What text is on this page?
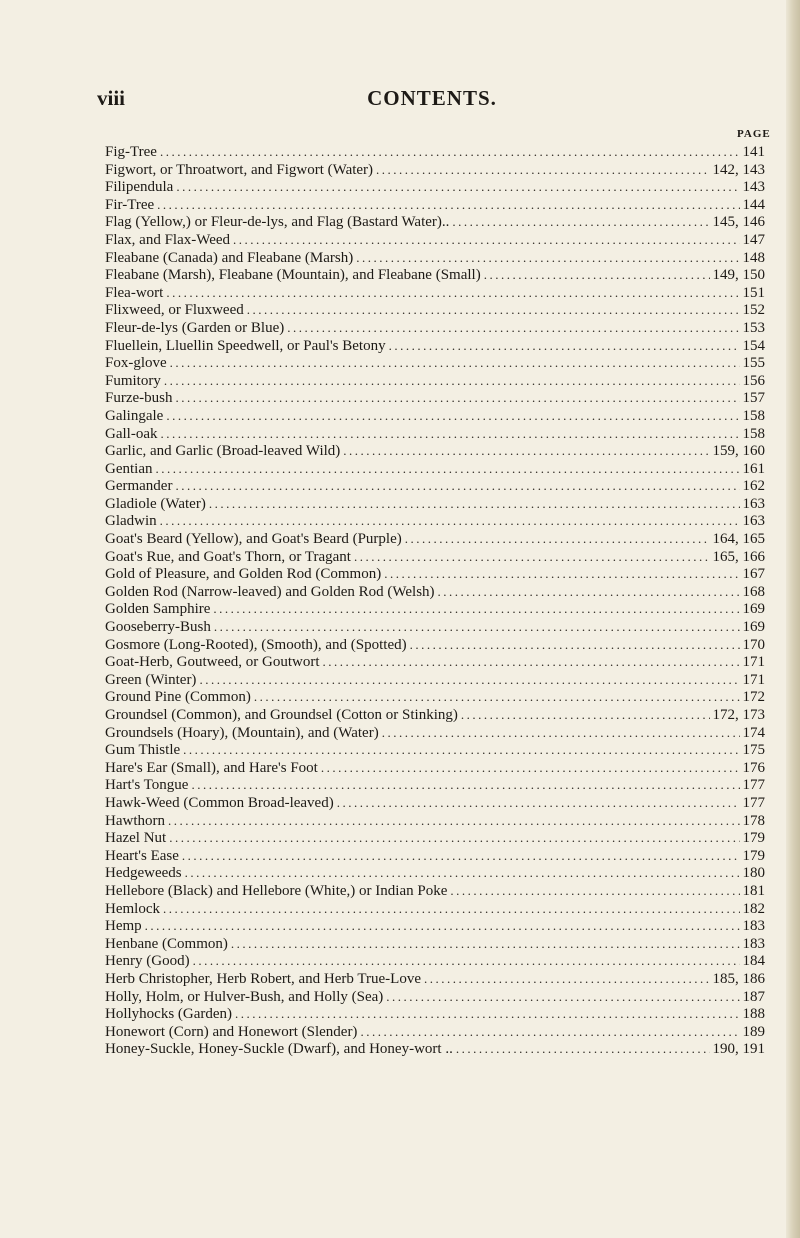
viii	CONTENTS.
PAGE
Fig-Tree .....	141
Figwort, or Throatwort, and Figwort (Water) .....	142, 143
Filipendula .....	143
Fir-Tree .....	144
Flag (Yellow,) or Fleur-de-lys, and Flag (Bastard Water).. .....	145, 146
Flax, and Flax-Weed .....	147
Fleabane (Canada) and Fleabane (Marsh) .....	148
Fleabane (Marsh), Fleabane (Mountain), and Fleabane (Small) .....	149, 150
Flea-wort .....	151
Flixweed, or Fluxweed .....	152
Fleur-de-lys (Garden or Blue) .....	153
Fluellein, Lluellin Speedwell, or Paul's Betony .....	154
Fox-glove .....	155
Fumitory .....	156
Furze-bush .....	157
Galingale .....	158
Gall-oak .....	158
Garlic, and Garlic (Broad-leaved Wild) .....	159, 160
Gentian .....	161
Germander .....	162
Gladiole (Water) .....	163
Gladwin .....	163
Goat's Beard (Yellow), and Goat's Beard (Purple) .....	164, 165
Goat's Rue, and Goat's Thorn, or Tragant .....	165, 166
Gold of Pleasure, and Golden Rod (Common) .....	167
Golden Rod (Narrow-leaved) and Golden Rod (Welsh) .....	168
Golden Samphire .....	169
Gooseberry-Bush .....	169
Gosmore (Long-Rooted), (Smooth), and (Spotted) .....	170
Goat-Herb, Goutweed, or Goutwort .....	171
Green (Winter) .....	171
Ground Pine (Common) .....	172
Groundsel (Common), and Groundsel (Cotton or Stinking) .....	172, 173
Groundsels (Hoary), (Mountain), and (Water) .....	174
Gum Thistle .....	175
Hare's Ear (Small), and Hare's Foot .....	176
Hart's Tongue .....	177
Hawk-Weed (Common Broad-leaved) .....	177
Hawthorn .....	178
Hazel Nut .....	179
Heart's Ease .....	179
Hedgeweeds .....	180
Hellebore (Black) and Hellebore (White,) or Indian Poke .....	181
Hemlock .....	182
Hemp .....	183
Henbane (Common) .....	183
Henry (Good) .....	184
Herb Christopher, Herb Robert, and Herb True-Love .....	185, 186
Holly, Holm, or Hulver-Bush, and Holly (Sea) .....	187
Hollyhocks (Garden) .....	188
Honewort (Corn) and Honewort (Slender) .....	189
Honey-Suckle, Honey-Suckle (Dwarf), and Honey-wort .. .....	190, 191
